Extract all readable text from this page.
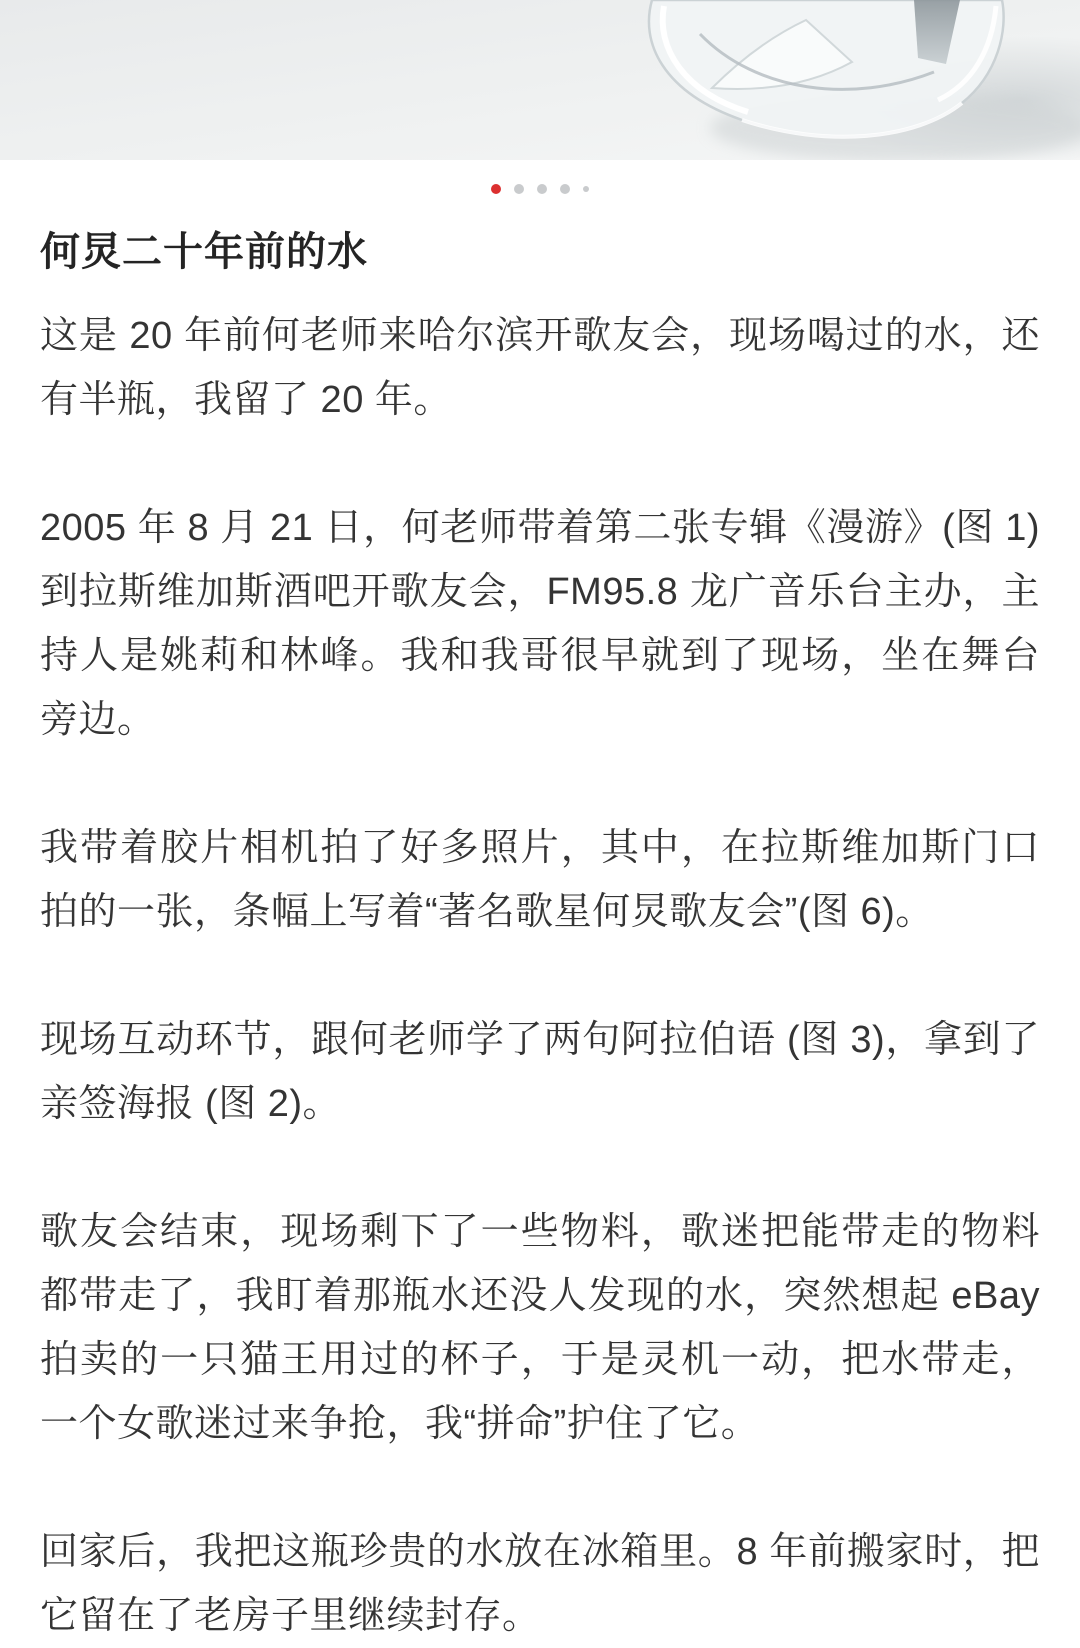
何炅二十年前的水

这是 20 年前何老师来哈尔滨开歌友会，现场喝过的水，还有半瓶，我留了 20 年。

2005 年 8 月 21 日，何老师带着第二张专辑《漫游》(图 1) 到拉斯维加斯酒吧开歌友会，FM95.8 龙广音乐台主办，主持人是姚莉和林峰。我和我哥很早就到了现场，坐在舞台旁边。

我带着胶片相机拍了好多照片，其中，在拉斯维加斯门口拍的一张，条幅上写着“著名歌星何炅歌友会”(图 6)。

现场互动环节，跟何老师学了两句阿拉伯语 (图 3)，拿到了亲签海报 (图 2)。

歌友会结束，现场剩下了一些物料，歌迷把能带走的物料都带走了，我盯着那瓶水还没人发现的水，突然想起 eBay 拍卖的一只猫王用过的杯子，于是灵机一动，把水带走，一个女歌迷过来争抢，我“拼命”护住了它。

回家后，我把这瓶珍贵的水放在冰箱里。8 年前搬家时，把它留在了老房子里继续封存。
